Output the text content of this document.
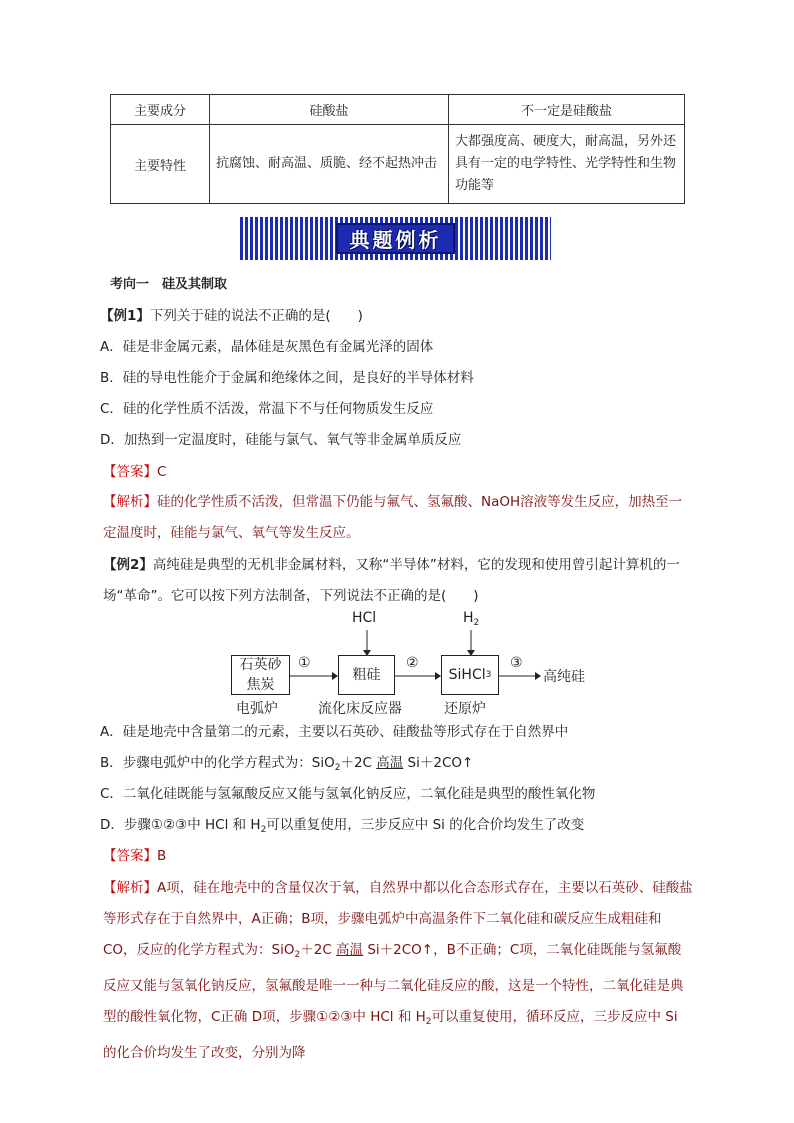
主要成分	硅酸盐	不一定是硅酸盐
主要特性	抗腐蚀、耐高温、质脆、经不起热冲击	大都强度高、硬度大，耐高温，另外还具有一定的电学特性、光学特性和生物功能等
典题例析
考向一　硅及其制取
【例1】下列关于硅的说法不正确的是(　　)
A．硅是非金属元素，晶体硅是灰黑色有金属光泽的固体
B．硅的导电性能介于金属和绝缘体之间，是良好的半导体材料
C．硅的化学性质不活泼，常温下不与任何物质发生反应
D．加热到一定温度时，硅能与氯气、氧气等非金属单质反应
【答案】C
【解析】硅的化学性质不活泼，但常温下仍能与氟气、氢氟酸、NaOH溶液等发生反应，加热至一定温度时，硅能与氯气、氧气等发生反应。
【例2】高纯硅是典型的无机非金属材料，又称“半导体”材料，它的发现和使用曾引起计算机的一场“革命”。它可以按下列方法制备，下列说法不正确的是(　　)
石英砂
焦炭
电弧炉
①
HCl
粗硅
流化床反应器
②
$H_2$
SiHCl 3
还原炉
③
高纯硅
A．硅是地壳中含量第二的元素，主要以石英砂、硅酸盐等形式存在于自然界中
B．步骤电弧炉中的化学方程式为：SiO$_2$＋2C 高温 Si＋2CO↑
C．二氧化硅既能与氢氟酸反应又能与氢氧化钠反应，二氧化硅是典型的酸性氧化物
D．步骤①②③中 HCl 和 $H_2$可以重复使用，三步反应中 Si 的化合价均发生了改变
【答案】B
【解析】A项，硅在地壳中的含量仅次于氧，自然界中都以化合态形式存在，主要以石英砂、硅酸盐等形式存在于自然界中，A正确；B项，步骤电弧炉中高温条件下二氧化硅和碳反应生成粗硅和CO，反应的化学方程式为：SiO$_2$＋2C 高温 Si＋2CO↑，B不正确；C项，二氧化硅既能与氢氟酸反应又能与氢氧化钠反应，氢氟酸是唯一一种与二氧化硅反应的酸，这是一个特性，二氧化硅是典型的酸性氧化物，C正确 D项，步骤①②③中 HCl 和 $H_2$可以重复使用，循环反应，三步反应中 Si 的化合价均发生了改变，分别为降
